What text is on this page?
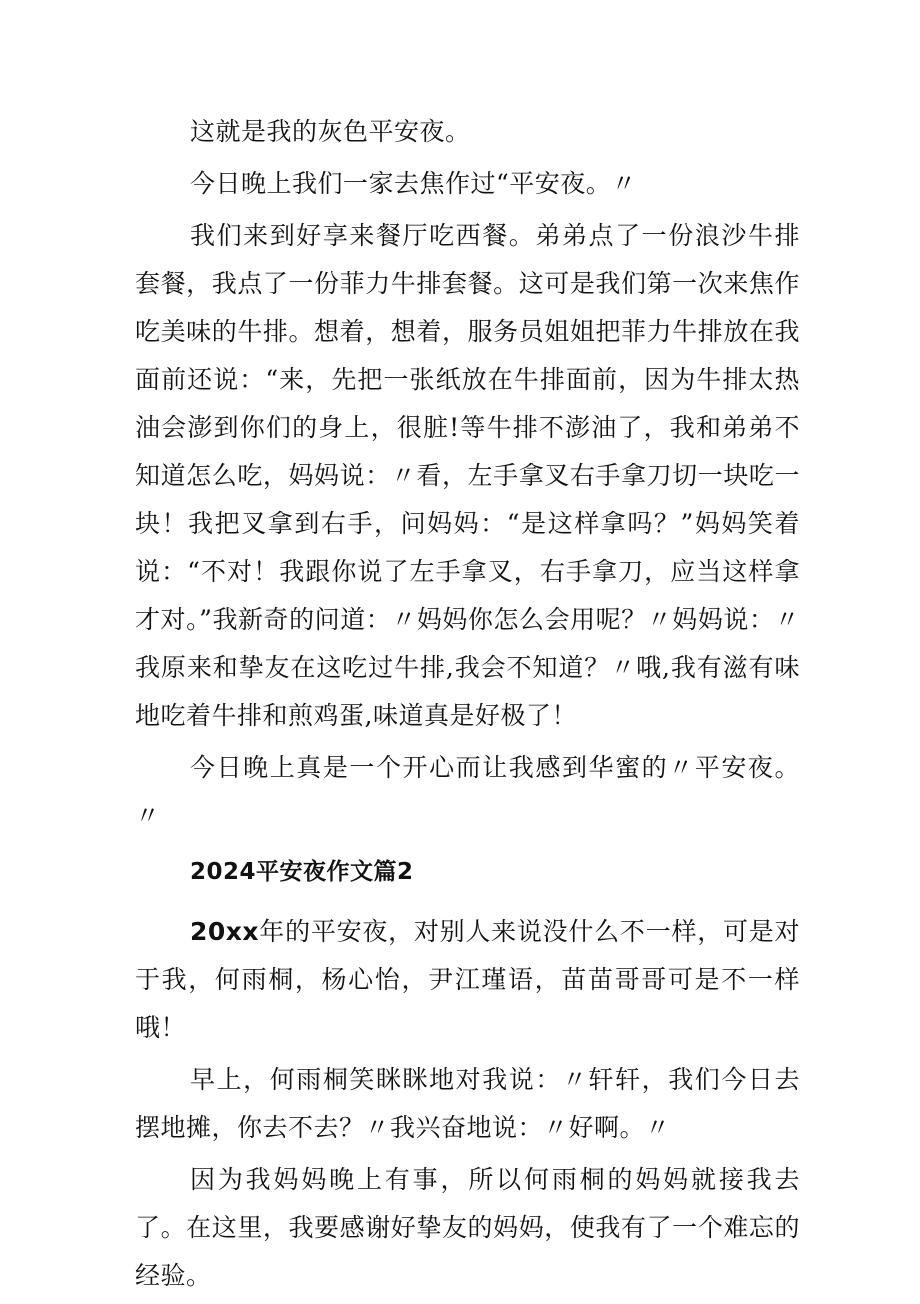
这就是我的灰色平安夜。

今日晚上我们一家去焦作过“平安夜。〃

我们来到好享来餐厅吃西餐。弟弟点了一份浪沙牛排套餐，我点了一份菲力牛排套餐。这可是我们第一次来焦作吃美味的牛排。想着，想着，服务员姐姐把菲力牛排放在我面前还说：“来，先把一张纸放在牛排面前，因为牛排太热油会澎到你们的身上，很脏!等牛排不澎油了，我和弟弟不知道怎么吃，妈妈说：〃看，左手拿叉右手拿刀切一块吃一块！我把叉拿到右手，问妈妈：“是这样拿吗？”妈妈笑着说：“不对！我跟你说了左手拿叉，右手拿刀，应当这样拿才对。”我新奇的问道：〃妈妈你怎么会用呢？〃妈妈说：〃我原来和挚友在这吃过牛排,我会不知道？〃哦,我有滋有味地吃着牛排和煎鸡蛋,味道真是好极了！

今日晚上真是一个开心而让我感到华蜜的〃平安夜。〃

2024平安夜作文篇2

20xx年的平安夜，对别人来说没什么不一样，可是对于我，何雨桐，杨心怡，尹江瑾语，苗苗哥哥可是不一样哦！

早上，何雨桐笑眯眯地对我说：〃轩轩，我们今日去摆地摊，你去不去？〃我兴奋地说：〃好啊。〃

因为我妈妈晚上有事，所以何雨桐的妈妈就接我去了。在这里，我要感谢好挚友的妈妈，使我有了一个难忘的经验。
